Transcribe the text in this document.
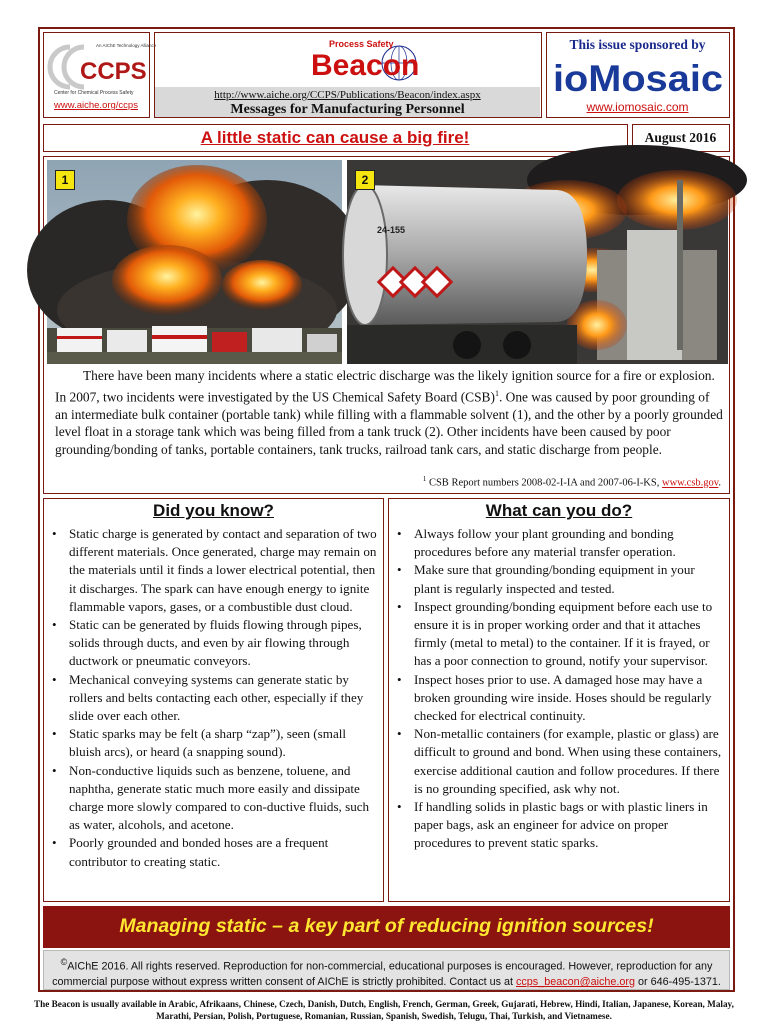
An AIChE Technology Alliance
CCPS
Center for Chemical Process Safety
www.aiche.org/ccps
Process Safety
Beacon
http://www.aiche.org/CCPS/Publications/Beacon/index.aspx
Messages for Manufacturing Personnel
This issue sponsored by
ioMosaic
www.iomosaic.com
A little static can cause a big fire!	August 2016
1
24-155
2
There have been many incidents where a static electric discharge was the likely ignition source for a fire or explosion. In 2007, two incidents were investigated by the US Chemical Safety Board (CSB)$^1$. One was caused by poor grounding of an intermediate bulk container (portable tank) while filling with a flammable solvent (1), and the other by a poorly grounded level float in a storage tank which was being filled from a tank truck (2). Other incidents have been caused by poor grounding/bonding of tanks, portable containers, tank trucks, railroad tank cars, and static discharge from people.
$^1$ CSB Report numbers 2008-02-I-IA and 2007-06-I-KS, www.csb.gov.
Did you know?
• Static charge is generated by contact and separation of two different materials. Once generated, charge may remain on the materials until it finds a lower electrical potential, then it discharges. The spark can have enough energy to ignite flammable vapors, gases, or a combustible dust cloud.
• Static can be generated by fluids flowing through pipes, solids through ducts, and even by air flowing through ductwork or pneumatic conveyors.
• Mechanical conveying systems can generate static by rollers and belts contacting each other, especially if they slide over each other.
• Static sparks may be felt (a sharp “zap”), seen (small bluish arcs), or heard (a snapping sound).
• Non-conductive liquids such as benzene, toluene, and naphtha, generate static much more easily and dissipate charge more slowly compared to con-ductive fluids, such as water, alcohols, and acetone.
• Poorly grounded and bonded hoses are a frequent contributor to creating static.
What can you do?
• Always follow your plant grounding and bonding procedures before any material transfer operation.
• Make sure that grounding/bonding equipment in your plant is regularly inspected and tested.
• Inspect grounding/bonding equipment before each use to ensure it is in proper working order and that it attaches firmly (metal to metal) to the container. If it is frayed, or has a poor connection to ground, notify your supervisor.
• Inspect hoses prior to use. A damaged hose may have a broken grounding wire inside. Hoses should be regularly checked for electrical continuity.
• Non-metallic containers (for example, plastic or glass) are difficult to ground and bond. When using these containers, exercise additional caution and follow procedures. If there is no grounding specified, ask why not.
• If handling solids in plastic bags or with plastic liners in paper bags, ask an engineer for advice on proper procedures to prevent static sparks.
Managing static – a key part of reducing ignition sources!
©AIChE 2016. All rights reserved. Reproduction for non-commercial, educational purposes is encouraged. However, reproduction for any commercial purpose without express written consent of AIChE is strictly prohibited. Contact us at ccps_beacon@aiche.org or 646-495-1371.
The Beacon is usually available in Arabic, Afrikaans, Chinese, Czech, Danish, Dutch, English, French, German, Greek, Gujarati, Hebrew, Hindi, Italian, Japanese, Korean, Malay, Marathi, Persian, Polish, Portuguese, Romanian, Russian, Spanish, Swedish, Telugu, Thai, Turkish, and Vietnamese.
